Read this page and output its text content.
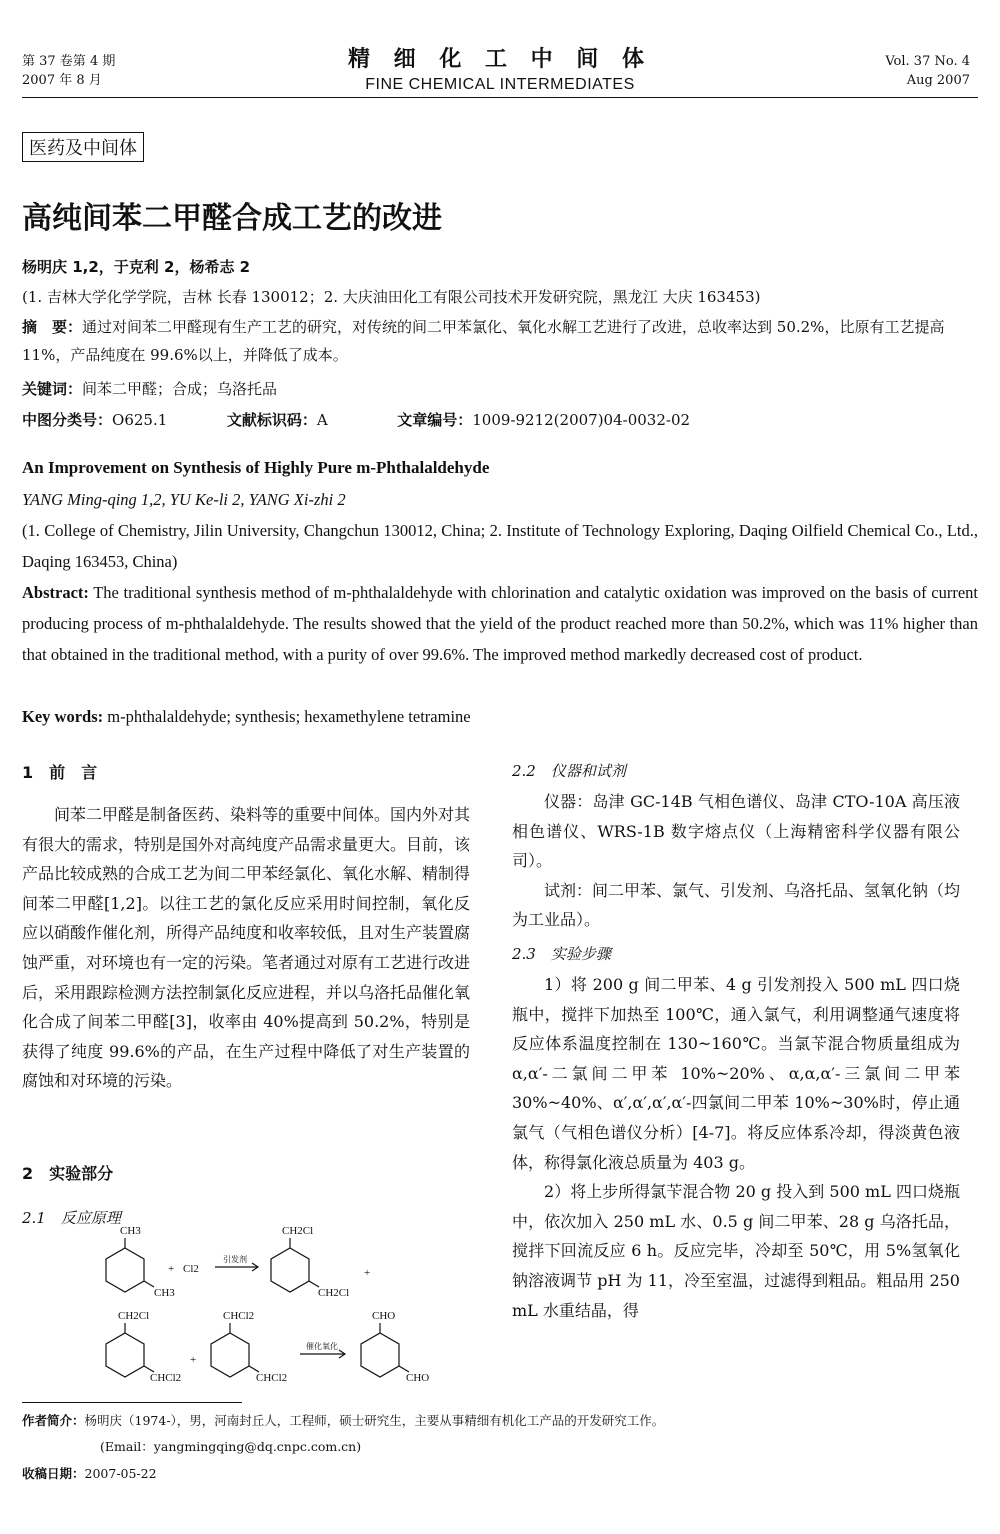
第 37 卷第 4 期
2007 年 8 月
精 细 化 工 中 间 体
FINE CHEMICAL INTERMEDIATES
Vol. 37 No. 4
Aug 2007
医药及中间体
高纯间苯二甲醛合成工艺的改进
杨明庆 1,2，于克利 2，杨希志 2
(1. 吉林大学化学学院，吉林 长春 130012；2. 大庆油田化工有限公司技术开发研究院，黑龙江 大庆 163453)
摘　要：通过对间苯二甲醛现有生产工艺的研究，对传统的间二甲苯氯化、氧化水解工艺进行了改进，总收率达到 50.2%，比原有工艺提高 11%，产品纯度在 99.6%以上，并降低了成本。
关键词：间苯二甲醛；合成；乌洛托品
中图分类号：O625.1	文献标识码：A	文章编号：1009-9212(2007)04-0032-02
An Improvement on Synthesis of Highly Pure m-Phthalaldehyde
YANG Ming-qing 1,2, YU Ke-li 2, YANG Xi-zhi 2
(1. College of Chemistry, Jilin University, Changchun 130012, China; 2. Institute of Technology Exploring, Daqing Oilfield Chemical Co., Ltd., Daqing 163453, China)
Abstract: The traditional synthesis method of m-phthalaldehyde with chlorination and catalytic oxidation was improved on the basis of current producing process of m-phthalaldehyde. The results showed that the yield of the product reached more than 50.2%, which was 11% higher than that obtained in the traditional method, with a purity of over 99.6%. The improved method markedly decreased cost of product.
Key words: m-phthalaldehyde; synthesis; hexamethylene tetramine
1　前　言

间苯二甲醛是制备医药、染料等的重要中间体。国内外对其有很大的需求，特别是国外对高纯度产品需求量更大。目前，该产品比较成熟的合成工艺为间二甲苯经氯化、氧化水解、精制得间苯二甲醛[1,2]。以往工艺的氯化反应采用时间控制，氧化反应以硝酸作催化剂，所得产品纯度和收率较低，且对生产装置腐蚀严重，对环境也有一定的污染。笔者通过对原有工艺进行改进后，采用跟踪检测方法控制氯化反应进程，并以乌洛托品催化氧化合成了间苯二甲醛[3]，收率由 40%提高到 50.2%，特别是获得了纯度 99.6%的产品，在生产过程中降低了对生产装置的腐蚀和对环境的污染。

2　实验部分
2.1　反应原理
CH3
CH3
+ Cl2
引发剂
CH2Cl
CH2Cl
+
CH2Cl
CHCl2
+
CHCl2
CHCl2
催化氧化
CHO
CHO
2.2　仪器和试剂

仪器：岛津 GC-14B 气相色谱仪、岛津 CTO-10A 高压液相色谱仪、WRS-1B 数字熔点仪（上海精密科学仪器有限公司）。

试剂：间二甲苯、氯气、引发剂、乌洛托品、氢氧化钠（均为工业品）。

2.3　实验步骤

1）将 200 g 间二甲苯、4 g 引发剂投入 500 mL 四口烧瓶中，搅拌下加热至 100℃，通入氯气，利用调整通气速度将反应体系温度控制在 130~160℃。当氯苄混合物质量组成为 α,α′-二氯间二甲苯 10%~20%、α,α,α′-三氯间二甲苯 30%~40%、α′,α′,α′,α′-四氯间二甲苯 10%~30%时，停止通氯气（气相色谱仪分析）[4-7]。将反应体系冷却，得淡黄色液体，称得氯化液总质量为 403 g。

2）将上步所得氯苄混合物 20 g 投入到 500 mL 四口烧瓶中，依次加入 250 mL 水、0.5 g 间二甲苯、28 g 乌洛托品，搅拌下回流反应 6 h。反应完毕，冷却至 50℃，用 5%氢氧化钠溶液调节 pH 为 11，冷至室温，过滤得到粗品。粗品用 250 mL 水重结晶，得

作者简介：杨明庆（1974-），男，河南封丘人，工程师，硕士研究生，主要从事精细有机化工产品的开发研究工作。
(Email：yangmingqing@dq.cnpc.com.cn)
收稿日期：2007-05-22
